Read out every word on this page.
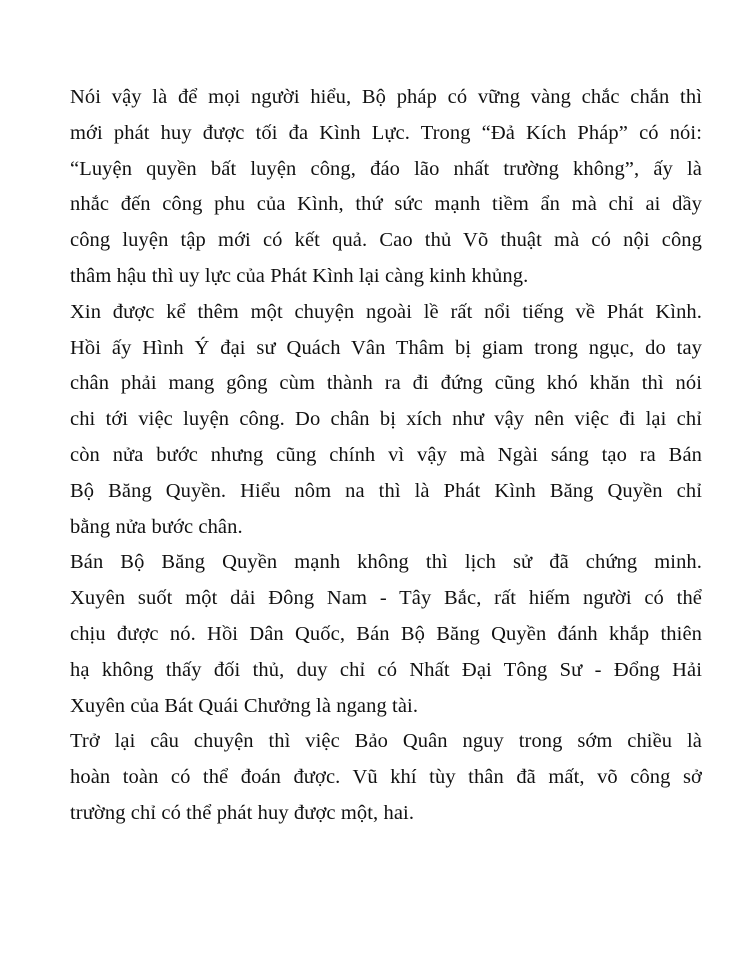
Nói vậy là để mọi người hiểu, Bộ pháp có vững vàng chắc chắn thì
mới phát huy được tối đa Kình Lực. Trong “Đả Kích Pháp” có nói:
“Luyện quyền bất luyện công, đáo lão nhất trường không”, ấy là
nhắc đến công phu của Kình, thứ sức mạnh tiềm ẩn mà chỉ ai dầy
công luyện tập mới có kết quả. Cao thủ Võ thuật mà có nội công
thâm hậu thì uy lực của Phát Kình lại càng kinh khủng.
Xin được kể thêm một chuyện ngoài lề rất nổi tiếng về Phát Kình.
Hồi ấy Hình Ý đại sư Quách Vân Thâm bị giam trong ngục, do tay
chân phải mang gông cùm thành ra đi đứng cũng khó khăn thì nói
chi tới việc luyện công. Do chân bị xích như vậy nên việc đi lại chỉ
còn nửa bước nhưng cũng chính vì vậy mà Ngài sáng tạo ra Bán
Bộ Băng Quyền. Hiểu nôm na thì là Phát Kình Băng Quyền chỉ
bằng nửa bước chân.
Bán Bộ Băng Quyền mạnh không thì lịch sử đã chứng minh.
Xuyên suốt một dải Đông Nam - Tây Bắc, rất hiếm người có thể
chịu được nó. Hồi Dân Quốc, Bán Bộ Băng Quyền đánh khắp thiên
hạ không thấy đối thủ, duy chỉ có Nhất Đại Tông Sư - Đổng Hải
Xuyên của Bát Quái Chưởng là ngang tài.
Trở lại câu chuyện thì việc Bảo Quân nguy trong sớm chiều là
hoàn toàn có thể đoán được. Vũ khí tùy thân đã mất, võ công sở
trường chỉ có thể phát huy được một, hai.
